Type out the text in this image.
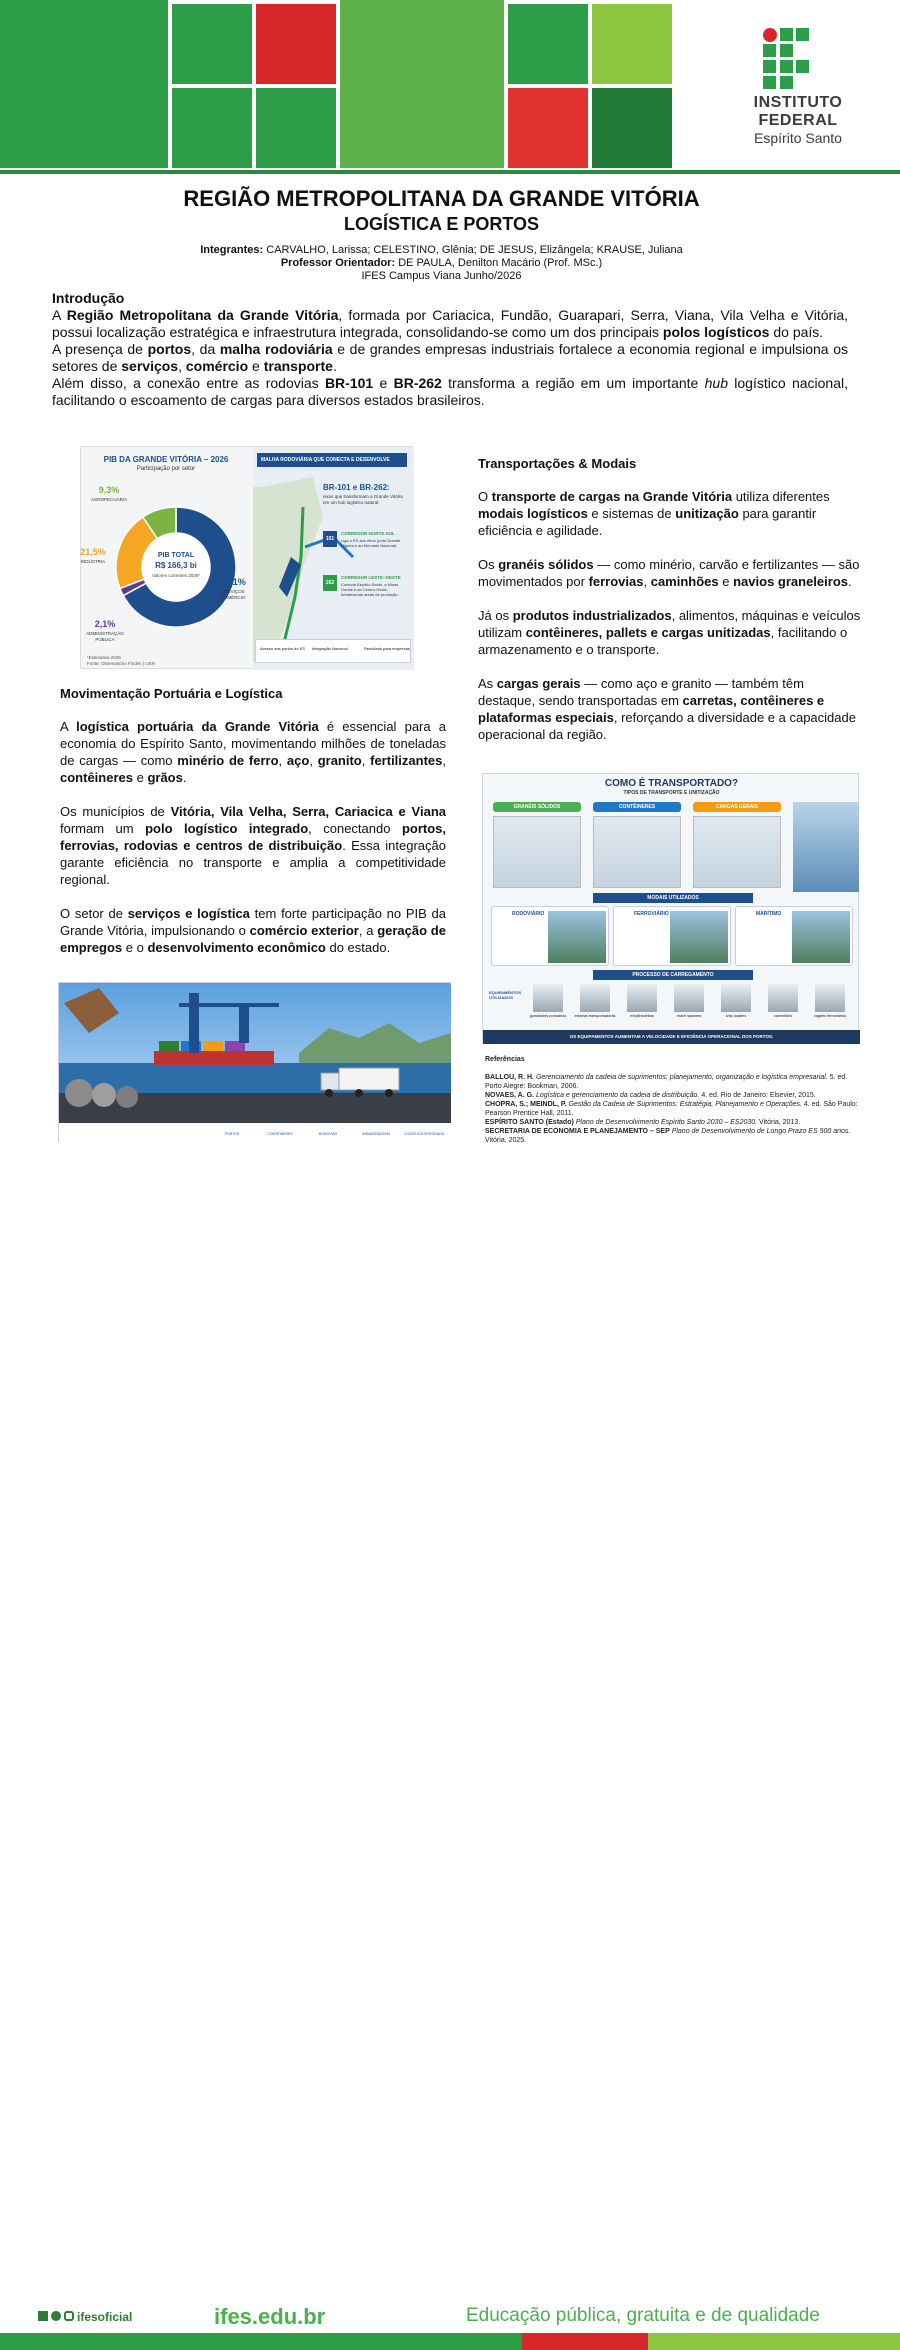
INSTITUTO
FEDERAL
Espírito Santo
REGIÃO METROPOLITANA DA GRANDE VITÓRIA
LOGÍSTICA E PORTOS
Integrantes: CARVALHO, Larissa; CELESTINO, Glênia; DE JESUS, Elizângela; KRAUSE, Juliana
Professor Orientador: DE PAULA, Denilton Macário (Prof. MSc.)
IFES Campus Viana Junho/2026
Introdução

A Região Metropolitana da Grande Vitória, formada por Cariacica, Fundão, Guarapari, Serra, Viana, Vila Velha e Vitória, possui localização estratégica e infraestrutura integrada, consolidando-se como um dos principais polos logísticos do país.

A presença de portos, da malha rodoviária e de grandes empresas industriais fortalece a economia regional e impulsiona os setores de serviços, comércio e transporte.

Além disso, a conexão entre as rodovias BR-101 e BR-262 transforma a região em um importante hub logístico nacional, facilitando o escoamento de cargas para diversos estados brasileiros.

PIB DA GRANDE VITÓRIA – 2026
Participação por setor
PIB TOTAL
R$ 166,3 bi
Valores correntes 2026*
9,3%
AGROPECUÁRIA
21,5%
INDÚSTRIA
2,1%
ADMINISTRAÇÃO
PÚBLICA
67,1%
SERVIÇOS
COMÉRCIO
*Estimativa 2026
Fonte: Observatório Findes | IJSN
MALHA RODOVIÁRIA QUE CONECTA E DESENVOLVE
BR-101 e BR-262:
eixos que transformam a Grande Vitória em um hub logístico natural.
101
CORREDOR NORTE-SUL
Liga o ES aos ritmo ports Grande Nigeria e ao Mercado Nacional.
262
CORREDOR LESTE–OESTE
Conecta Espírito Santo, a Minas Gerais e ao Centro-Oeste, fortalecendo áreas de produção.
Acesso aos portos do ES Integração Nacional	Resultado para empresas
Movimentação Portuária e Logística

A logística portuária da Grande Vitória é essencial para a economia do Espírito Santo, movimentando milhões de toneladas de cargas — como minério de ferro, aço, granito, fertilizantes, contêineres e grãos.

Os municípios de Vitória, Vila Velha, Serra, Cariacica e Viana formam um polo logístico integrado, conectando portos, ferrovias, rodovias e centros de distribuição. Essa integração garante eficiência no transporte e amplia a competitividade regional.

O setor de serviços e logística tem forte participação no PIB da Grande Vitória, impulsionando o comércio exterior, a geração de empregos e o desenvolvimento econômico do estado.

Transportações & Modais

O transporte de cargas na Grande Vitória utiliza diferentes modais logísticos e sistemas de unitização para garantir eficiência e agilidade.

Os granéis sólidos — como minério, carvão e fertilizantes — são movimentados por ferrovias, caminhões e navios graneleiros.

Já os produtos industrializados, alimentos, máquinas e veículos utilizam contêineres, pallets e cargas unitizadas, facilitando o armazenamento e o transporte.

As cargas gerais — como aço e granito — também têm destaque, sendo transportadas em carretas, contêineres e plataformas especiais, reforçando a diversidade e a capacidade operacional da região.

COMO É TRANSPORTADO?
TIPOS DE TRANSPORTE E UNITIZAÇÃO
GRANÉIS SÓLIDOS	CONTÊINERES	CARGAS GERAIS
MODAIS UTILIZADOS
RODOVIÁRIO	FERROVIÁRIO	MARÍTIMO
PROCESSO DE CARREGAMENTO
EQUIPAMENTOS UTILIZADOS
guindastes portuários	esteiras transportadoras	empilhadeiras	reach stackers	ship loaders	caminhões	vagões ferroviários
OS EQUIPAMENTOS AUMENTAM A VELOCIDADE E EFICIÊNCIA OPERACIONAL DOS PORTOS.
PORTOS	CONTÊINERES	RODOVIAS	ARMAZENAGEM	LOGÍSTICA INTEGRADA
Referências
BALLOU, R. H. Gerenciamento da cadeia de suprimentos: planejamento, organização e logística empresarial. 5. ed. Porto Alegre: Bookman, 2006.
NOVAES, A. G. Logística e gerenciamento da cadeia de distribuição. 4. ed. Rio de Janeiro: Elsevier, 2015.
CHOPRA, S.; MEINDL, P. Gestão da Cadeia de Suprimentos: Estratégia, Planejamento e Operações. 4. ed. São Paulo: Pearson Prentice Hall, 2011.
ESPÍRITO SANTO (Estado) Plano de Desenvolvimento Espírito Santo 2030 – ES2030. Vitória, 2013.
SECRETARIA DE ECONOMIA E PLANEJAMENTO – SEP Plano de Desenvolvimento de Longo Prazo ES 500 anos. Vitória, 2025.
ifesoficial	ifes.edu.br	Educação pública, gratuita e de qualidade
